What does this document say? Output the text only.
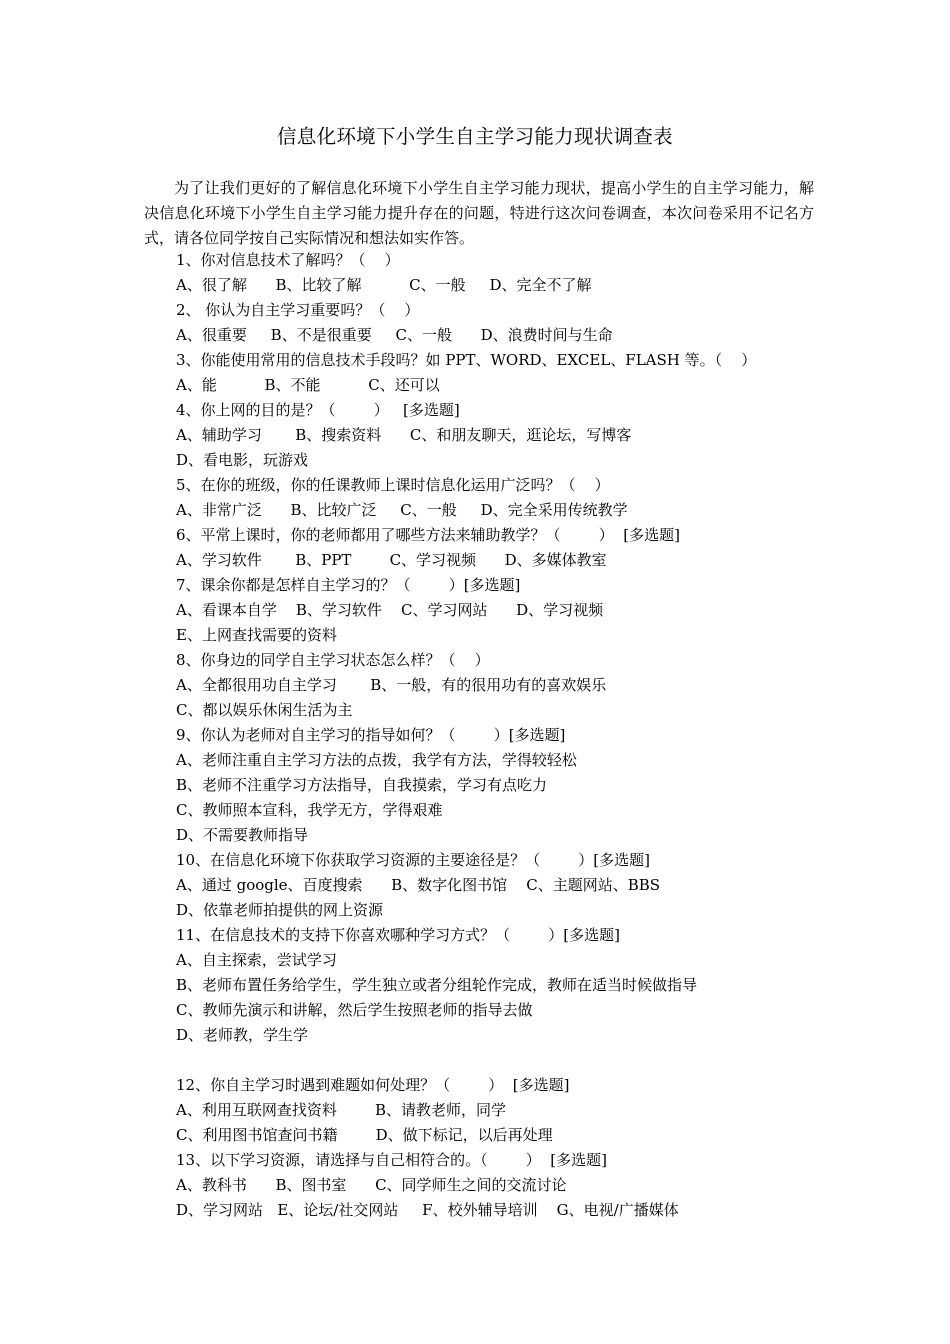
信息化环境下小学生自主学习能力现状调查表

为了让我们更好的了解信息化环境下小学生自主学习能力现状，提高小学生的自主学习能力，解决信息化环境下小学生自主学习能力提升存在的问题，特进行这次问卷调查，本次问卷采用不记名方式，请各位同学按自己实际情况和想法如实作答。

1、你对信息技术了解吗？（    ）
A、很了解      B、比较了解          C、一般     D、完全不了解
2、 你认为自主学习重要吗？（    ）
A、很重要     B、不是很重要     C、一般      D、浪费时间与生命
3、你能使用常用的信息技术手段吗？如 PPT、WORD、EXCEL、FLASH 等。（    ）
A、能          B、不能          C、还可以
4、你上网的目的是？（        ）   [多选题]
A、辅助学习       B、搜索资料      C、和朋友聊天，逛论坛，写博客
D、看电影，玩游戏
5、在你的班级，你的任课教师上课时信息化运用广泛吗？（    ）
A、非常广泛      B、比较广泛     C、一般     D、完全采用传统教学
6、平常上课时，你的老师都用了哪些方法来辅助教学？（        ）  [多选题]
A、学习软件       B、PPT        C、学习视频      D、多媒体教室
7、课余你都是怎样自主学习的？（        ）[多选题]
A、看课本自学    B、学习软件    C、学习网站      D、学习视频
E、上网查找需要的资料
8、你身边的同学自主学习状态怎么样？（    ）
A、全都很用功自主学习       B、一般，有的很用功有的喜欢娱乐
C、都以娱乐休闲生活为主
9、你认为老师对自主学习的指导如何？（        ）[多选题]
A、老师注重自主学习方法的点拨，我学有方法，学得较轻松
B、老师不注重学习方法指导，自我摸索，学习有点吃力
C、教师照本宣科，我学无方，学得艰难
D、不需要教师指导
10、在信息化环境下你获取学习资源的主要途径是？（        ）[多选题]
A、通过 google、百度搜索      B、数字化图书馆    C、主题网站、BBS
D、依靠老师拍提供的网上资源
11、在信息技术的支持下你喜欢哪种学习方式？（        ）[多选题]
A、自主探索，尝试学习
B、老师布置任务给学生，学生独立或者分组轮作完成，教师在适当时候做指导
C、教师先演示和讲解，然后学生按照老师的指导去做
D、老师教，学生学
12、你自主学习时遇到难题如何处理？（        ）  [多选题]
A、利用互联网查找资料        B、请教老师，同学
C、利用图书馆查问书籍        D、做下标记，以后再处理
13、以下学习资源，请选择与自己相符合的。（        ）  [多选题]
A、教科书      B、图书室      C、同学师生之间的交流讨论
D、学习网站   E、论坛/社交网站     F、校外辅导培训    G、电视/广播媒体
